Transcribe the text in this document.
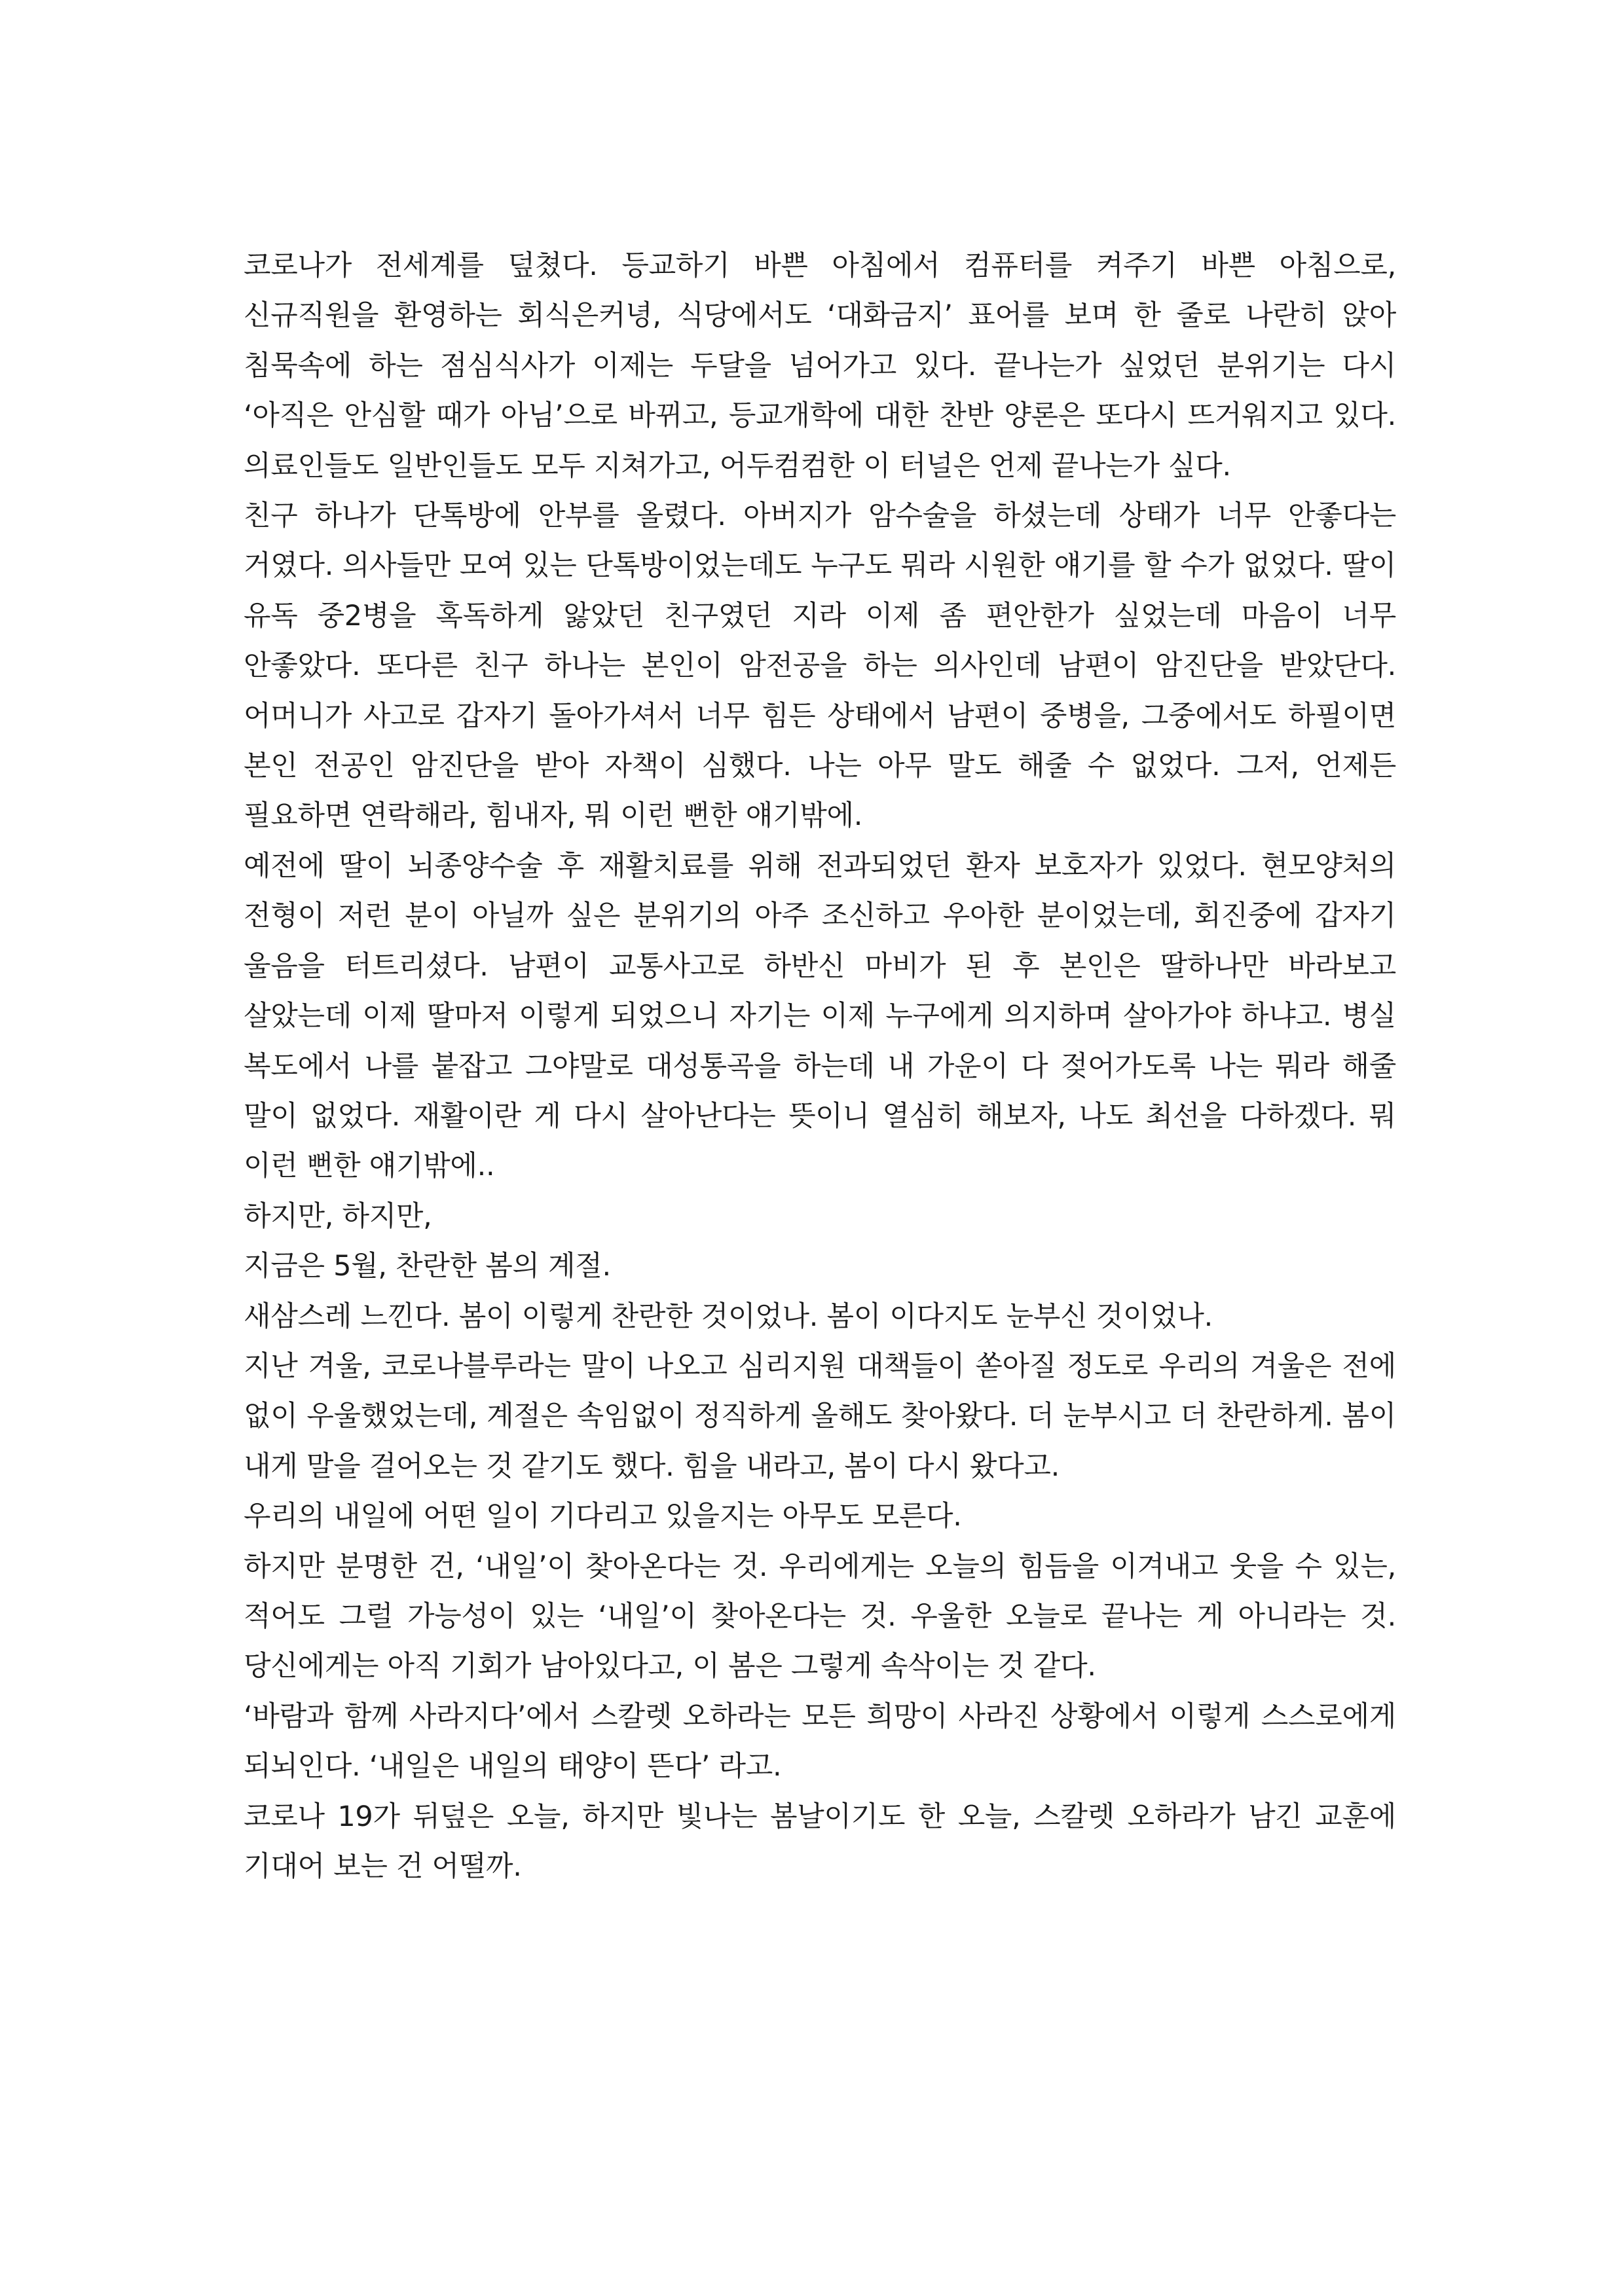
코로나가 전세계를 덮쳤다. 등교하기 바쁜 아침에서 컴퓨터를 켜주기 바쁜 아침으로, 신규직원을 환영하는 회식은커녕, 식당에서도 ‘대화금지’ 표어를 보며 한 줄로 나란히 앉아 침묵속에 하는 점심식사가 이제는 두달을 넘어가고 있다. 끝나는가 싶었던 분위기는 다시 ‘아직은 안심할 때가 아님’으로 바뀌고, 등교개학에 대한 찬반 양론은 또다시 뜨거워지고 있다. 의료인들도 일반인들도 모두 지쳐가고, 어두컴컴한 이 터널은 언제 끝나는가 싶다.

친구 하나가 단톡방에 안부를 올렸다. 아버지가 암수술을 하셨는데 상태가 너무 안좋다는 거였다. 의사들만 모여 있는 단톡방이었는데도 누구도 뭐라 시원한 얘기를 할 수가 없었다. 딸이 유독 중2병을 혹독하게 앓았던 친구였던 지라 이제 좀 편안한가 싶었는데 마음이 너무 안좋았다. 또다른 친구 하나는 본인이 암전공을 하는 의사인데 남편이 암진단을 받았단다. 어머니가 사고로 갑자기 돌아가셔서 너무 힘든 상태에서 남편이 중병을, 그중에서도 하필이면 본인 전공인 암진단을 받아 자책이 심했다. 나는 아무 말도 해줄 수 없었다. 그저, 언제든 필요하면 연락해라, 힘내자, 뭐 이런 뻔한 얘기밖에.

예전에 딸이 뇌종양수술 후 재활치료를 위해 전과되었던 환자 보호자가 있었다. 현모양처의 전형이 저런 분이 아닐까 싶은 분위기의 아주 조신하고 우아한 분이었는데, 회진중에 갑자기 울음을 터트리셨다. 남편이 교통사고로 하반신 마비가 된 후 본인은 딸하나만 바라보고 살았는데 이제 딸마저 이렇게 되었으니 자기는 이제 누구에게 의지하며 살아가야 하냐고. 병실 복도에서 나를 붙잡고 그야말로 대성통곡을 하는데 내 가운이 다 젖어가도록 나는 뭐라 해줄 말이 없었다. 재활이란 게 다시 살아난다는 뜻이니 열심히 해보자, 나도 최선을 다하겠다. 뭐 이런 뻔한 얘기밖에..

하지만, 하지만,

지금은 5월, 찬란한 봄의 계절.

새삼스레 느낀다. 봄이 이렇게 찬란한 것이었나. 봄이 이다지도 눈부신 것이었나.

지난 겨울, 코로나블루라는 말이 나오고 심리지원 대책들이 쏟아질 정도로 우리의 겨울은 전에 없이 우울했었는데, 계절은 속임없이 정직하게 올해도 찾아왔다. 더 눈부시고 더 찬란하게. 봄이 내게 말을 걸어오는 것 같기도 했다. 힘을 내라고, 봄이 다시 왔다고.

우리의 내일에 어떤 일이 기다리고 있을지는 아무도 모른다.

하지만 분명한 건, ‘내일’이 찾아온다는 것. 우리에게는 오늘의 힘듬을 이겨내고 웃을 수 있는, 적어도 그럴 가능성이 있는 ‘내일’이 찾아온다는 것. 우울한 오늘로 끝나는 게 아니라는 것. 당신에게는 아직 기회가 남아있다고, 이 봄은 그렇게 속삭이는 것 같다.

‘바람과 함께 사라지다’에서 스칼렛 오하라는 모든 희망이 사라진 상황에서 이렇게 스스로에게 되뇌인다. ‘내일은 내일의 태양이 뜬다’ 라고.

코로나 19가 뒤덮은 오늘, 하지만 빛나는 봄날이기도 한 오늘, 스칼렛 오하라가 남긴 교훈에 기대어 보는 건 어떨까.
